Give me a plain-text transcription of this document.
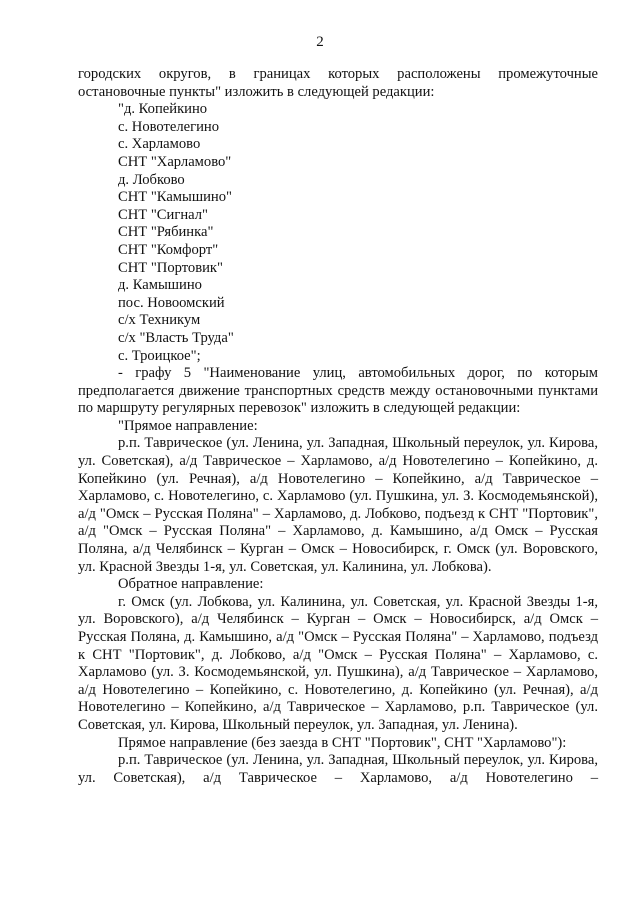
2

городских округов, в границах которых расположены промежуточные остановочные пункты" изложить в следующей редакции:

"д. Копейкино
с. Новотелегино
с. Харламово
СНТ "Харламово"
д. Лобково
СНТ "Камышино"
СНТ "Сигнал"
СНТ "Рябинка"
СНТ "Комфорт"
СНТ "Портовик"
д. Камышино
пос. Новоомский
с/х Техникум
с/х "Власть Труда"
с. Троицкое";

- графу 5 "Наименование улиц, автомобильных дорог, по которым предполагается движение транспортных средств между остановочными пунктами по маршруту регулярных перевозок" изложить в следующей редакции:

"Прямое направление:

р.п. Таврическое (ул. Ленина, ул. Западная, Школьный переулок, ул. Кирова, ул. Советская), а/д Таврическое – Харламово, а/д Новотелегино – Копейкино, д. Копейкино (ул. Речная), а/д Новотелегино – Копейкино, а/д Таврическое – Харламово, с. Новотелегино, с. Харламово (ул. Пушкина, ул. З. Космодемьянской), а/д "Омск – Русская Поляна" – Харламово, д. Лобково, подъезд к СНТ "Портовик", а/д "Омск – Русская Поляна" – Харламово, д. Камышино, а/д Омск – Русская Поляна, а/д Челябинск – Курган – Омск – Новосибирск, г. Омск (ул. Воровского, ул. Красной Звезды 1-я, ул. Советская, ул. Калинина, ул. Лобкова).

Обратное направление:

г. Омск (ул. Лобкова, ул. Калинина, ул. Советская, ул. Красной Звезды 1-я, ул. Воровского), а/д Челябинск – Курган – Омск – Новосибирск, а/д Омск – Русская Поляна, д. Камышино, а/д "Омск – Русская Поляна" – Харламово, подъезд к СНТ "Портовик", д. Лобково, а/д "Омск – Русская Поляна" – Харламово, с. Харламово (ул. З. Космодемьянской, ул. Пушкина), а/д Таврическое – Харламово, а/д Новотелегино – Копейкино, с. Новотелегино, д. Копейкино (ул. Речная), а/д Новотелегино – Копейкино, а/д Таврическое – Харламово, р.п. Таврическое (ул. Советская, ул. Кирова, Школьный переулок, ул. Западная, ул. Ленина).

Прямое направление (без заезда в СНТ "Портовик", СНТ "Харламово"):

р.п. Таврическое (ул. Ленина, ул. Западная, Школьный переулок, ул. Кирова, ул. Советская), а/д Таврическое – Харламово, а/д Новотелегино –
